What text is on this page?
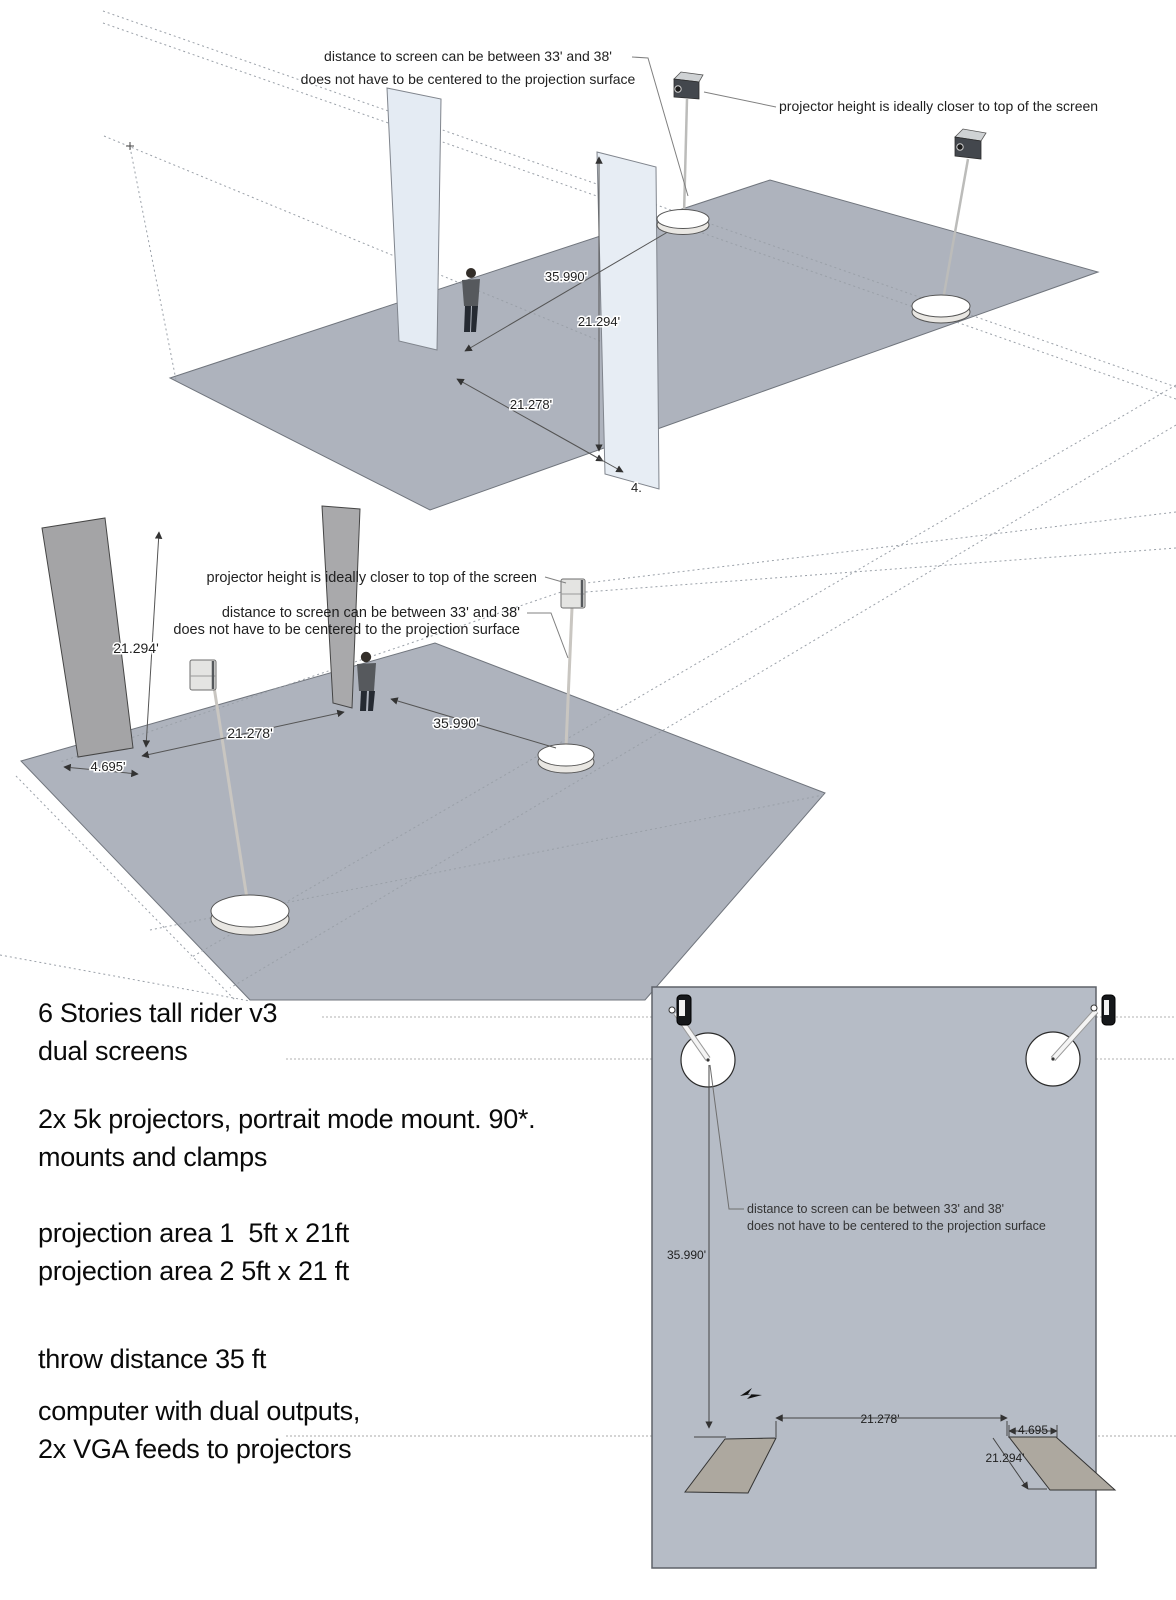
35.990'
21.294'
21.278'
4.
distance to screen can be between 33' and 38'
does not have to be centered to the projection surface
projector height is ideally closer to top of the screen
21.294'
4.695'
21.278'
35.990'
projector height is ideally closer to top of the screen
distance to screen can be between 33' and 38'
does not have to be centered to the projection surface
35.990'
21.278'
4.695
21.294'
distance to screen can be between 33' and 38'
does not have to be centered to the projection surface
6 Stories tall rider v3
dual screens
2x 5k projectors, portrait mode mount. 90*.
mounts and clamps
projection area 1  5ft x 21ft
projection area 2 5ft x 21 ft
throw distance 35 ft
computer with dual outputs,
2x VGA feeds to projectors
